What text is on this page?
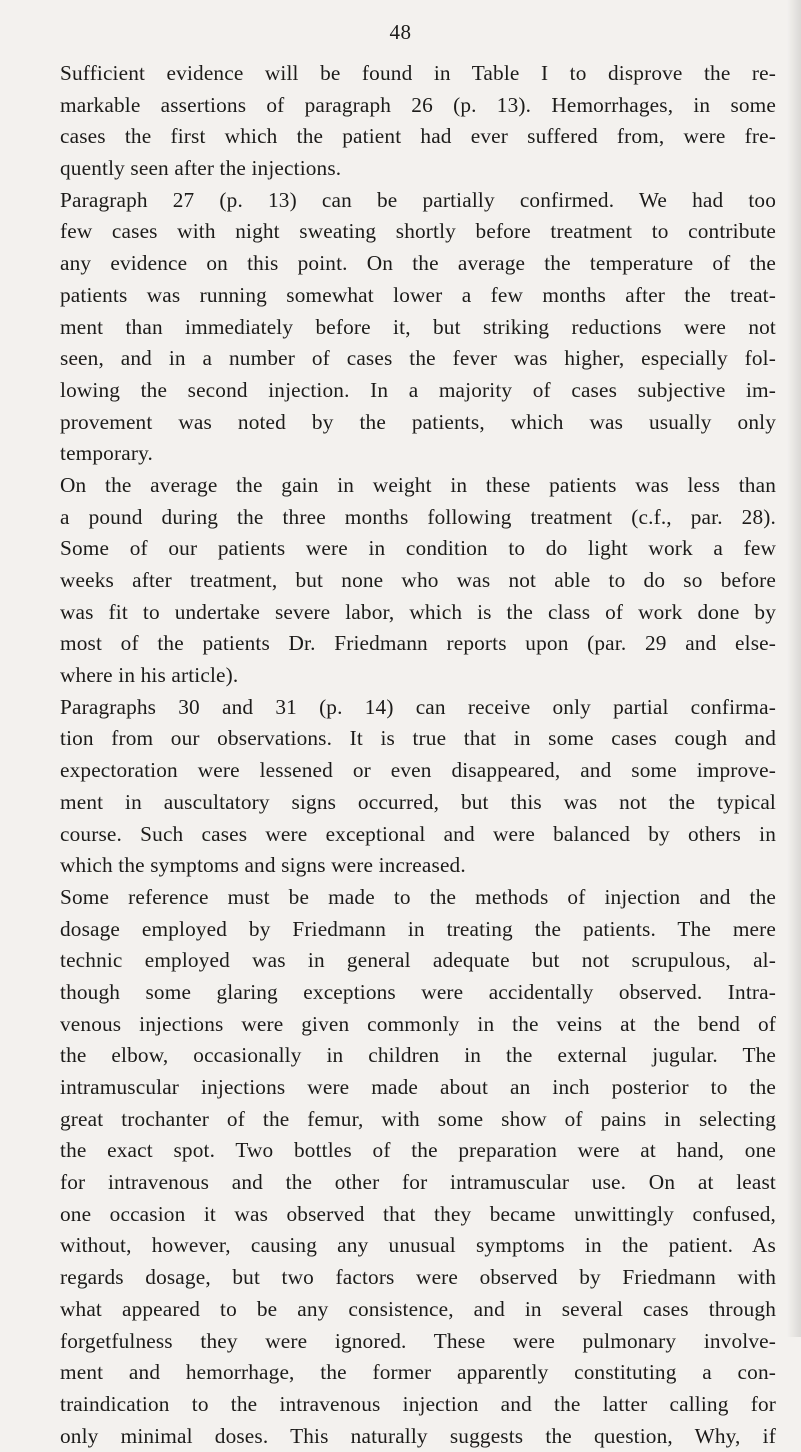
48
Sufficient evidence will be found in Table I to disprove the re-
markable assertions of paragraph 26 (p. 13). Hemorrhages, in some
cases the first which the patient had ever suffered from, were fre-
quently seen after the injections.
Paragraph 27 (p. 13) can be partially confirmed. We had too
few cases with night sweating shortly before treatment to contribute
any evidence on this point. On the average the temperature of the
patients was running somewhat lower a few months after the treat-
ment than immediately before it, but striking reductions were not
seen, and in a number of cases the fever was higher, especially fol-
lowing the second injection. In a majority of cases subjective im-
provement was noted by the patients, which was usually only
temporary.
On the average the gain in weight in these patients was less than
a pound during the three months following treatment (c.f., par. 28).
Some of our patients were in condition to do light work a few
weeks after treatment, but none who was not able to do so before
was fit to undertake severe labor, which is the class of work done by
most of the patients Dr. Friedmann reports upon (par. 29 and else-
where in his article).
Paragraphs 30 and 31 (p. 14) can receive only partial confirma-
tion from our observations. It is true that in some cases cough and
expectoration were lessened or even disappeared, and some improve-
ment in auscultatory signs occurred, but this was not the typical
course. Such cases were exceptional and were balanced by others in
which the symptoms and signs were increased.
Some reference must be made to the methods of injection and the
dosage employed by Friedmann in treating the patients. The mere
technic employed was in general adequate but not scrupulous, al-
though some glaring exceptions were accidentally observed. Intra-
venous injections were given commonly in the veins at the bend of
the elbow, occasionally in children in the external jugular. The
intramuscular injections were made about an inch posterior to the
great trochanter of the femur, with some show of pains in selecting
the exact spot. Two bottles of the preparation were at hand, one
for intravenous and the other for intramuscular use. On at least
one occasion it was observed that they became unwittingly confused,
without, however, causing any unusual symptoms in the patient. As
regards dosage, but two factors were observed by Friedmann with
what appeared to be any consistence, and in several cases through
forgetfulness they were ignored. These were pulmonary involve-
ment and hemorrhage, the former apparently constituting a con-
traindication to the intravenous injection and the latter calling for
only minimal doses. This naturally suggests the question, Why, if
